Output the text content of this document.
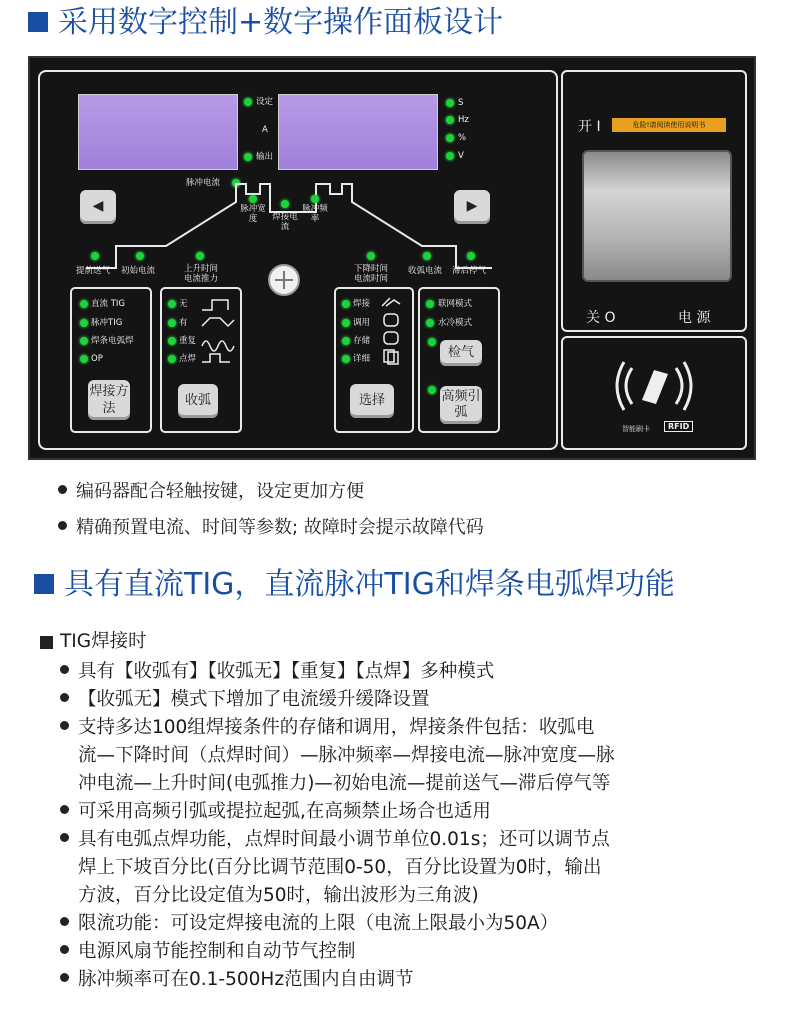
采用数字控制+数字操作面板设计
设定
A
输出
S
Hz
%
V
脉冲电流
脉冲宽度	焊接电流
脉冲频率
提前送气 初始电流	上升时间电流推力
下降时间电流时间
收弧电流 滞后停气
◀	▶
直流 TIG
脉冲TIG
焊条电弧焊
OP
焊接方法
无
有
重复
点焊
收弧
焊接
调用
存储
详细
选择
联网模式
水冷模式
检气
高频引弧
开 I	危险!请阅读使用说明书
关 O	电 源
智能刷卡	RFID
编码器配合轻触按键，设定更加方便
精确预置电流、时间等参数; 故障时会提示故障代码
具有直流TIG，直流脉冲TIG和焊条电弧焊功能
TIG焊接时
具有【收弧有】【收弧无】【重复】【点焊】多种模式
【收弧无】模式下增加了电流缓升缓降设置
支持多达100组焊接条件的存储和调用，焊接条件包括：收弧电
流—下降时间（点焊时间）—脉冲频率—焊接电流—脉冲宽度—脉
冲电流—上升时间(电弧推力)—初始电流—提前送气—滞后停气等
可采用高频引弧或提拉起弧,在高频禁止场合也适用
具有电弧点焊功能，点焊时间最小调节单位0.01s；还可以调节点
焊上下坡百分比(百分比调节范围0-50，百分比设置为0时，输出
方波，百分比设定值为50时，输出波形为三角波)
限流功能：可设定焊接电流的上限（电流上限最小为50A）
电源风扇节能控制和自动节气控制
脉冲频率可在0.1-500Hz范围内自由调节
